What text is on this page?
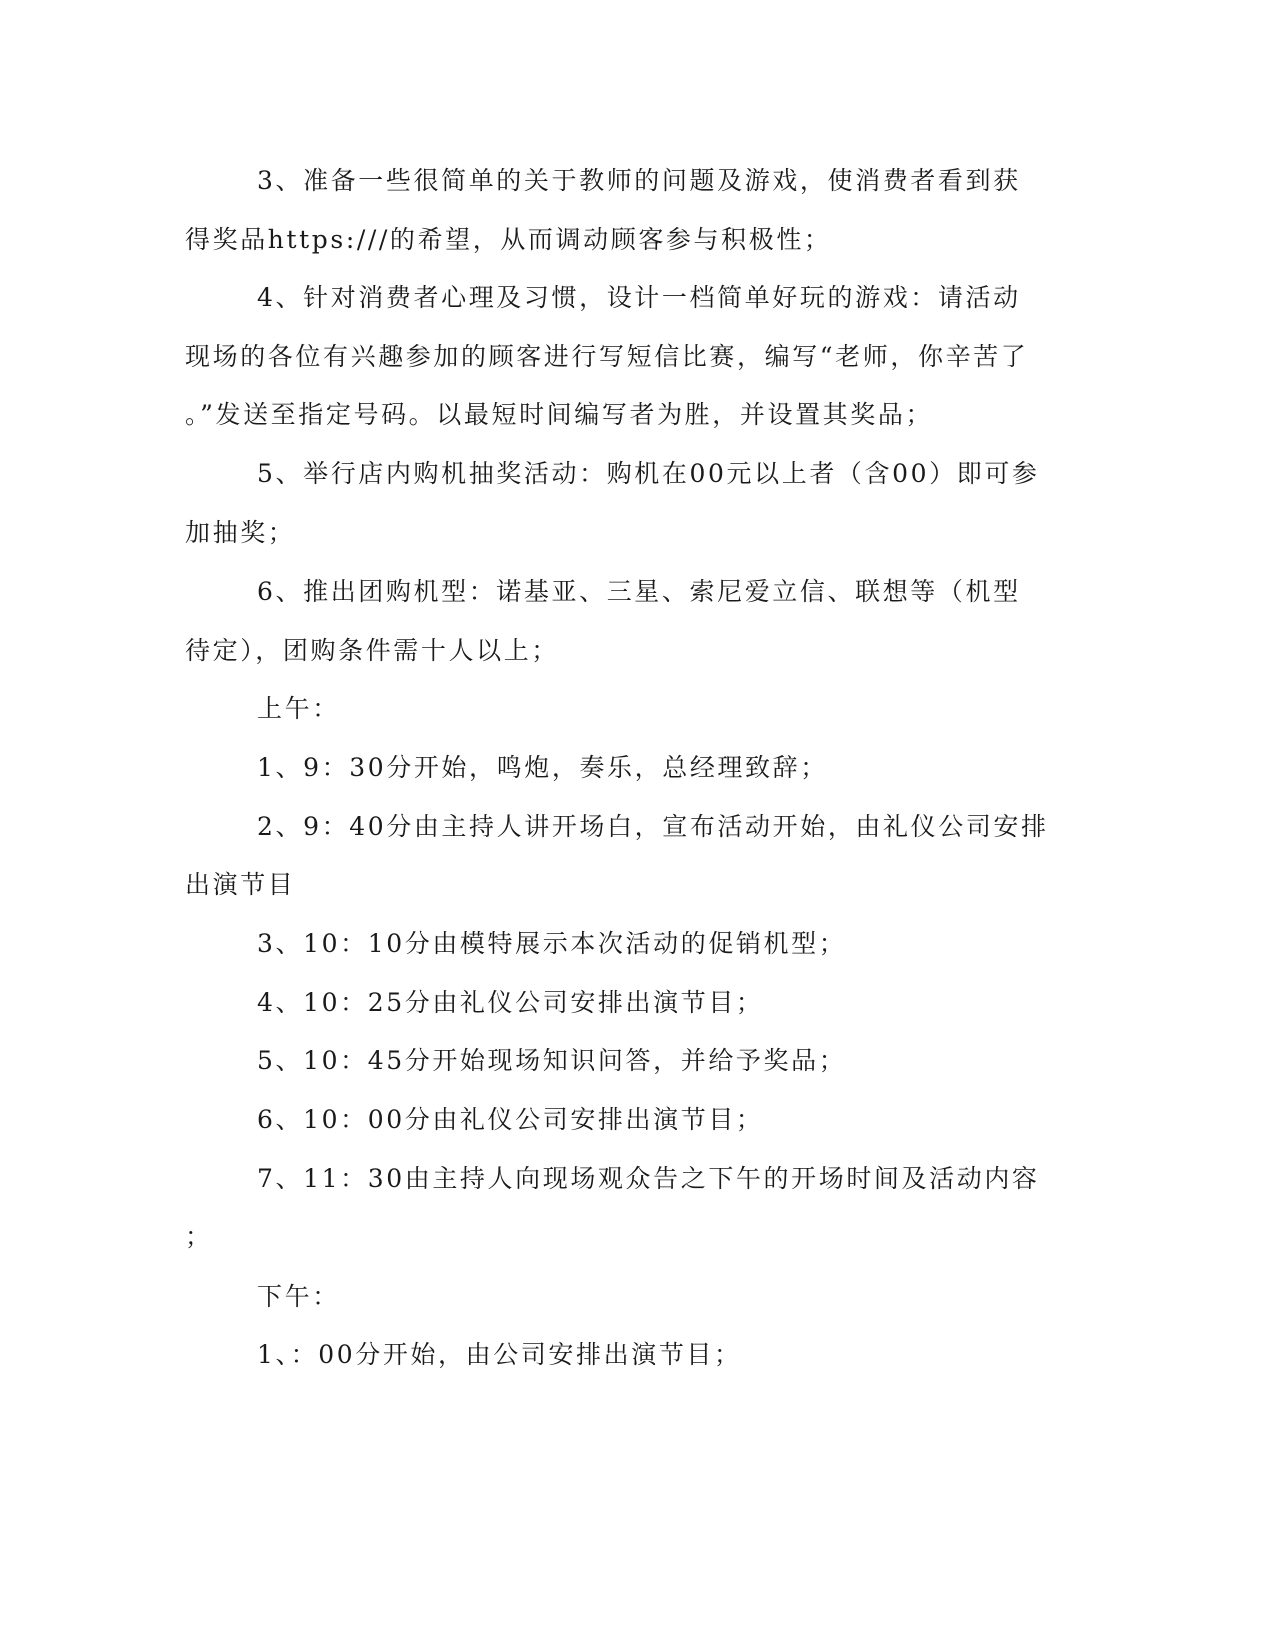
3、准备一些很简单的关于教师的问题及游戏，使消费者看到获
得奖品https:///的希望，从而调动顾客参与积极性；
4、针对消费者心理及习惯，设计一档简单好玩的游戏：请活动
现场的各位有兴趣参加的顾客进行写短信比赛，编写“老师，你辛苦了
。”发送至指定号码。以最短时间编写者为胜，并设置其奖品；
5、举行店内购机抽奖活动：购机在00元以上者（含00）即可参
加抽奖；
6、推出团购机型：诺基亚、三星、索尼爱立信、联想等（机型
待定），团购条件需十人以上；
上午：
1、9：30分开始，鸣炮，奏乐，总经理致辞；
2、9：40分由主持人讲开场白，宣布活动开始，由礼仪公司安排
出演节目
3、10：10分由模特展示本次活动的促销机型；
4、10：25分由礼仪公司安排出演节目；
5、10：45分开始现场知识问答，并给予奖品；
6、10：00分由礼仪公司安排出演节目；
7、11：30由主持人向现场观众告之下午的开场时间及活动内容
；
下午：
1、：00分开始，由公司安排出演节目；
